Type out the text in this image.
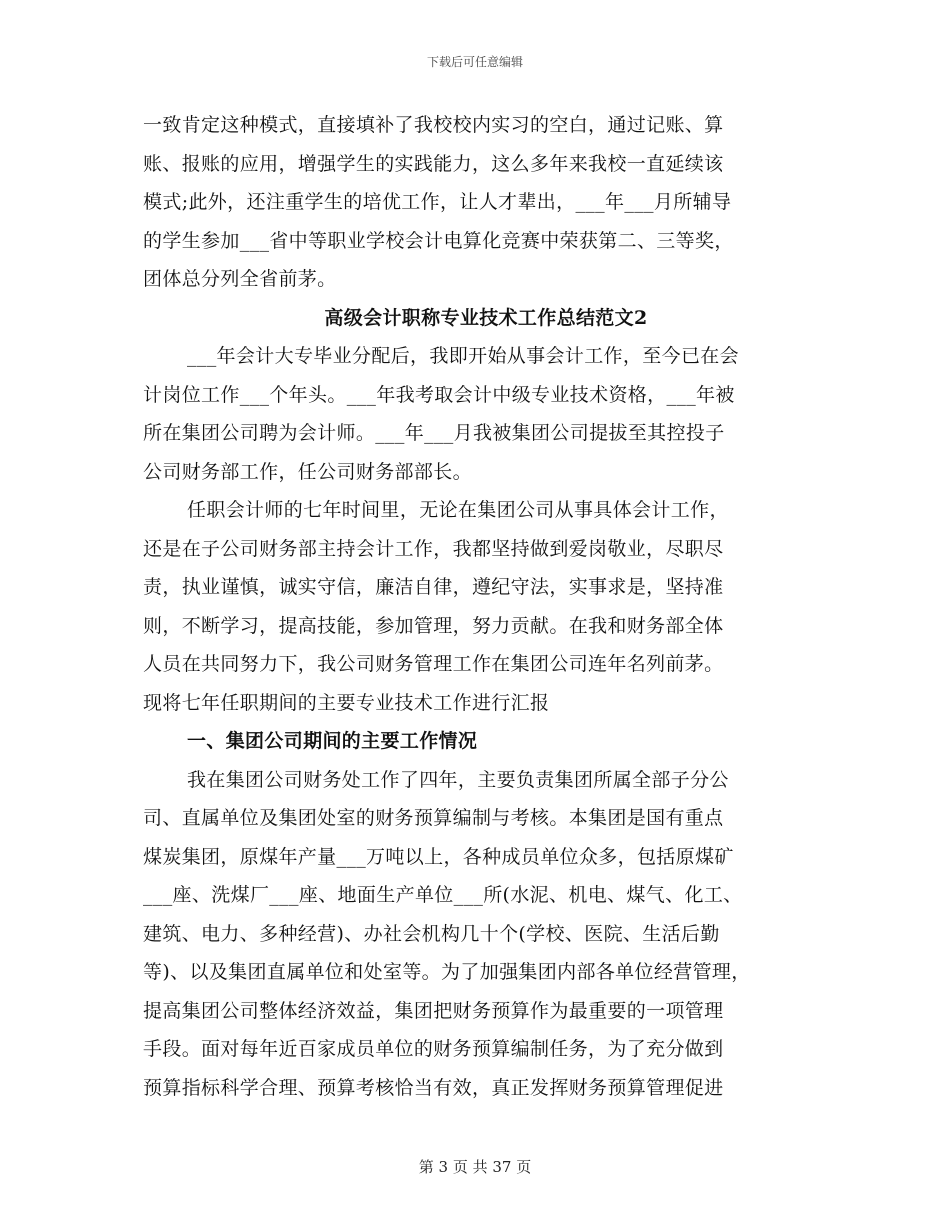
下载后可任意编辑
一致肯定这种模式，直接填补了我校校内实习的空白，通过记账、算
账、报账的应用，增强学生的实践能力，这么多年来我校一直延续该
模式;此外，还注重学生的培优工作，让人才辈出，___年___月所辅导
的学生参加___省中等职业学校会计电算化竞赛中荣获第二、三等奖，
团体总分列全省前茅。
高级会计职称专业技术工作总结范文2
___年会计大专毕业分配后，我即开始从事会计工作，至今已在会
计岗位工作___个年头。___年我考取会计中级专业技术资格，___年被
所在集团公司聘为会计师。___年___月我被集团公司提拔至其控投子
公司财务部工作，任公司财务部部长。
任职会计师的七年时间里，无论在集团公司从事具体会计工作，
还是在子公司财务部主持会计工作，我都坚持做到爱岗敬业，尽职尽
责，执业谨慎，诚实守信，廉洁自律，遵纪守法，实事求是，坚持准
则，不断学习，提高技能，参加管理，努力贡献。在我和财务部全体
人员在共同努力下，我公司财务管理工作在集团公司连年名列前茅。
现将七年任职期间的主要专业技术工作进行汇报
一、集团公司期间的主要工作情况
我在集团公司财务处工作了四年，主要负责集团所属全部子分公
司、直属单位及集团处室的财务预算编制与考核。本集团是国有重点
煤炭集团，原煤年产量___万吨以上，各种成员单位众多，包括原煤矿
___座、洗煤厂___座、地面生产单位___所(水泥、机电、煤气、化工、
建筑、电力、多种经营)、办社会机构几十个(学校、医院、生活后勤
等)、以及集团直属单位和处室等。为了加强集团内部各单位经营管理，
提高集团公司整体经济效益，集团把财务预算作为最重要的一项管理
手段。面对每年近百家成员单位的财务预算编制任务，为了充分做到
预算指标科学合理、预算考核恰当有效，真正发挥财务预算管理促进
第 3 页 共 37 页
